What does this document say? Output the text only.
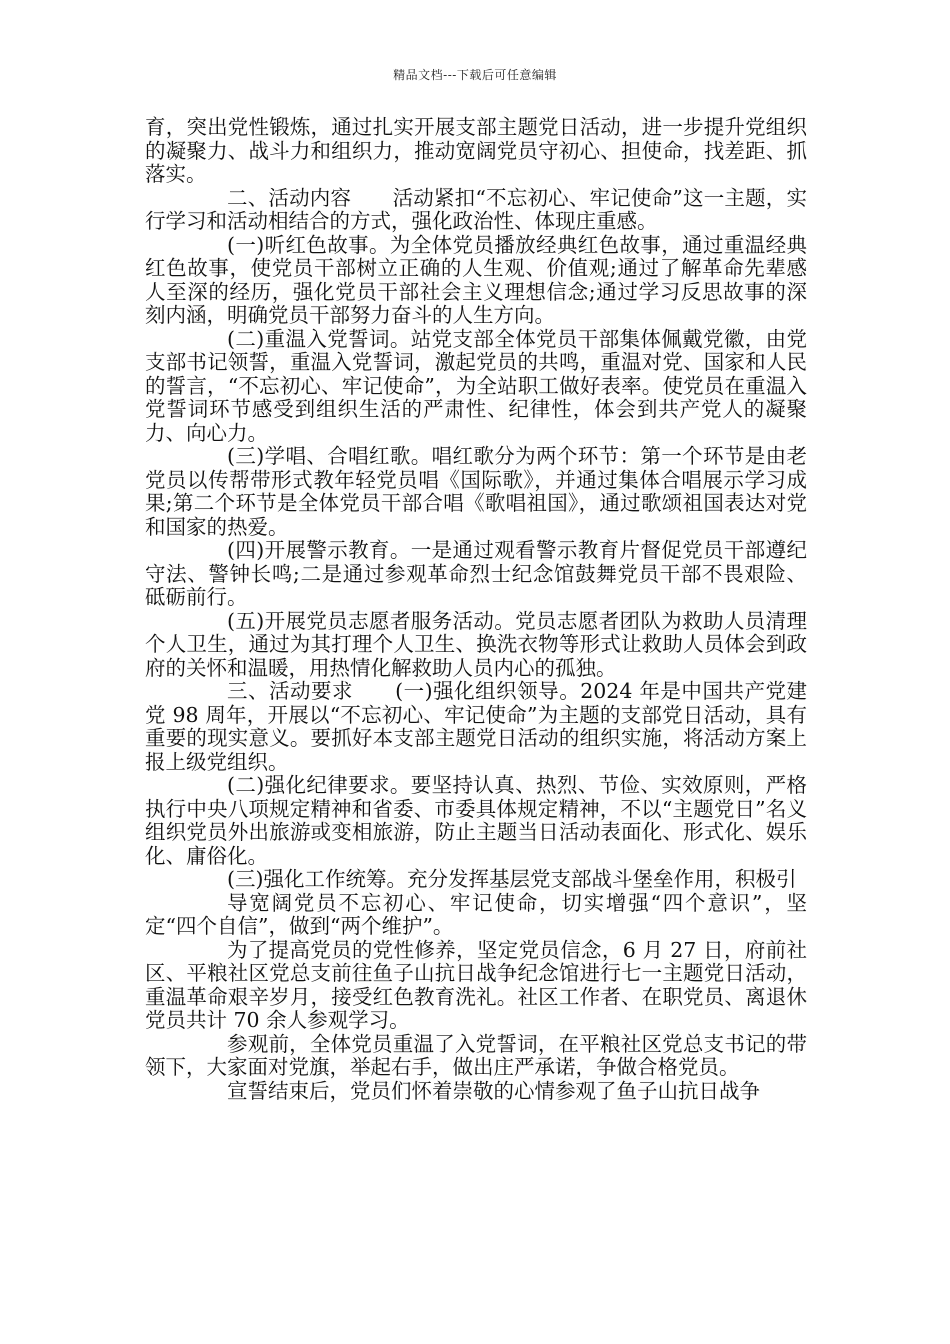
精品文档---下载后可任意编辑

育，突出党性锻炼，通过扎实开展支部主题党日活动，进一步提升党组织的凝聚力、战斗力和组织力，推动宽阔党员守初心、担使命，找差距、抓落实。

二、活动内容　　活动紧扣“不忘初心、牢记使命”这一主题，实行学习和活动相结合的方式，强化政治性、体现庄重感。

(一)听红色故事。为全体党员播放经典红色故事，通过重温经典红色故事，使党员干部树立正确的人生观、价值观;通过了解革命先辈感人至深的经历，强化党员干部社会主义理想信念;通过学习反思故事的深刻内涵，明确党员干部努力奋斗的人生方向。

(二)重温入党誓词。站党支部全体党员干部集体佩戴党徽，由党支部书记领誓，重温入党誓词，激起党员的共鸣，重温对党、国家和人民的誓言，“不忘初心、牢记使命”，为全站职工做好表率。使党员在重温入党誓词环节感受到组织生活的严肃性、纪律性，体会到共产党人的凝聚力、向心力。

(三)学唱、合唱红歌。唱红歌分为两个环节：第一个环节是由老党员以传帮带形式教年轻党员唱《国际歌》，并通过集体合唱展示学习成果;第二个环节是全体党员干部合唱《歌唱祖国》，通过歌颂祖国表达对党和国家的热爱。

(四)开展警示教育。一是通过观看警示教育片督促党员干部遵纪守法、警钟长鸣;二是通过参观革命烈士纪念馆鼓舞党员干部不畏艰险、砥砺前行。

(五)开展党员志愿者服务活动。党员志愿者团队为救助人员清理个人卫生，通过为其打理个人卫生、换洗衣物等形式让救助人员体会到政府的关怀和温暖，用热情化解救助人员内心的孤独。

三、活动要求　　(一)强化组织领导。2024 年是中国共产党建党 98 周年，开展以“不忘初心、牢记使命”为主题的支部党日活动，具有重要的现实意义。要抓好本支部主题党日活动的组织实施，将活动方案上报上级党组织。

(二)强化纪律要求。要坚持认真、热烈、节俭、实效原则，严格执行中央八项规定精神和省委、市委具体规定精神，不以“主题党日”名义组织党员外出旅游或变相旅游，防止主题当日活动表面化、形式化、娱乐化、庸俗化。

(三)强化工作统筹。充分发挥基层党支部战斗堡垒作用，积极引

导宽阔党员不忘初心、牢记使命，切实增强“四个意识”，坚定“四个自信”，做到“两个维护”。

为了提高党员的党性修养，坚定党员信念，6 月 27 日，府前社区、平粮社区党总支前往鱼子山抗日战争纪念馆进行七一主题党日活动，重温革命艰辛岁月，接受红色教育洗礼。社区工作者、在职党员、离退休党员共计 70 余人参观学习。

参观前，全体党员重温了入党誓词，在平粮社区党总支书记的带领下，大家面对党旗，举起右手，做出庄严承诺，争做合格党员。

宣誓结束后，党员们怀着崇敬的心情参观了鱼子山抗日战争
